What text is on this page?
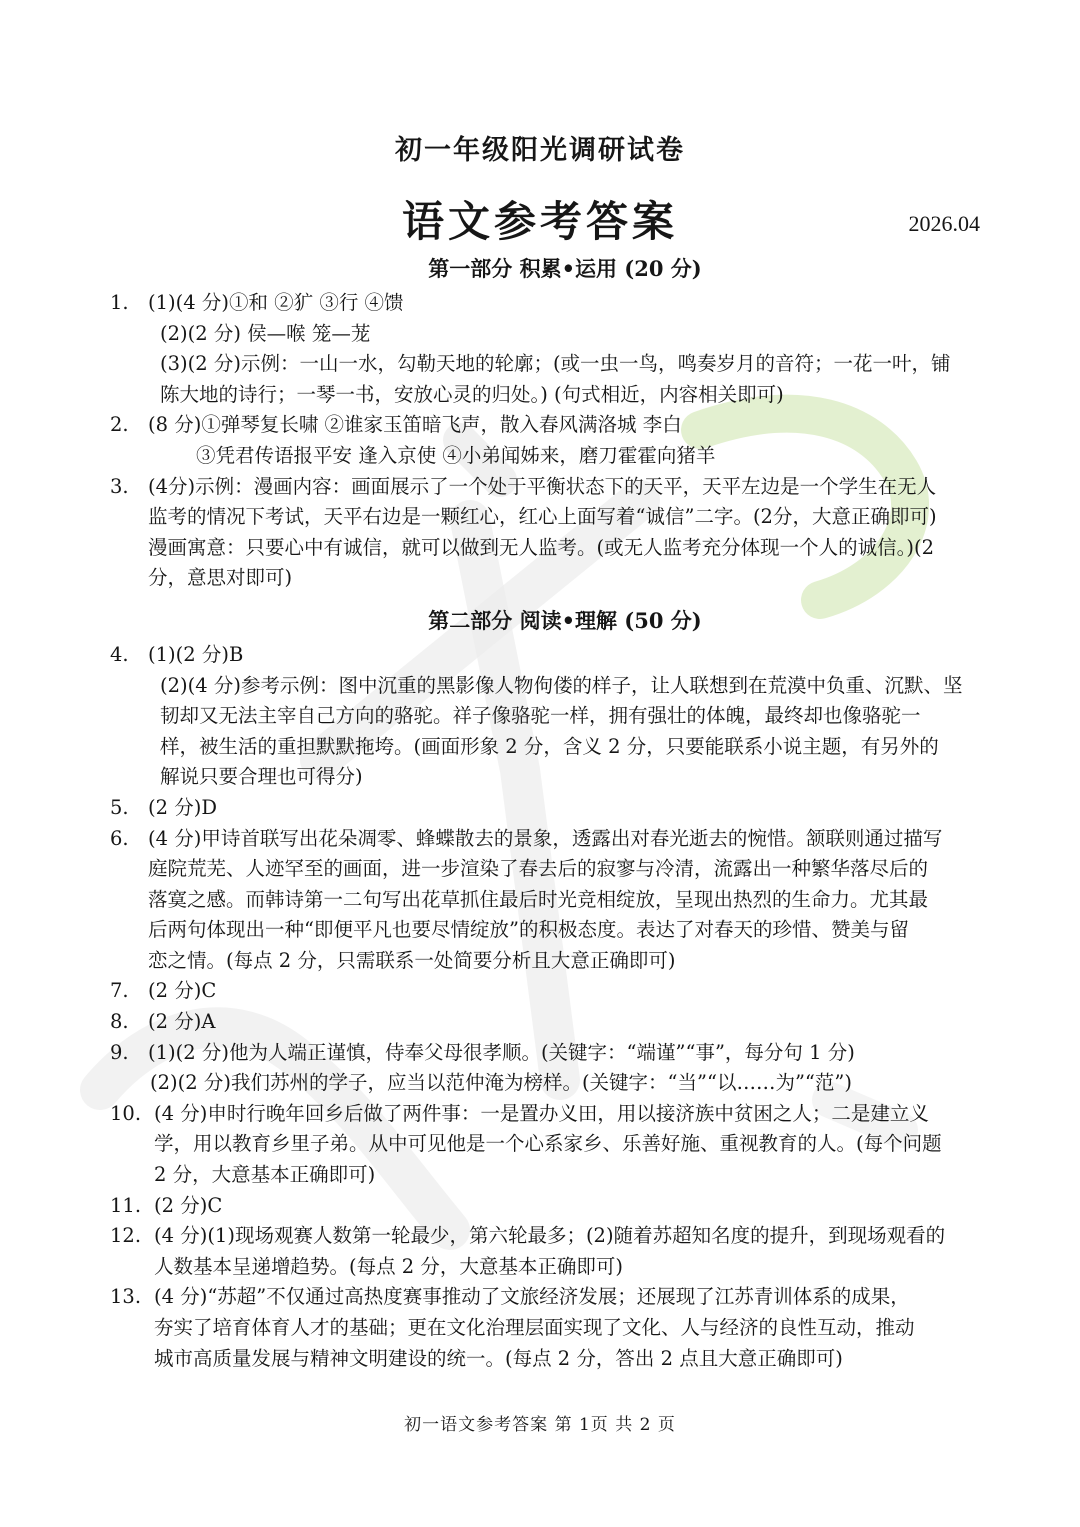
初一年级阳光调研试卷
语文参考答案	2026.04
第一部分 积累•运用 (20 分)
1. (1)(4 分)①和 ②犷 ③行 ④馈
(2)(2 分) 侯—喉 笼—茏
(3)(2 分)示例：一山一水，勾勒天地的轮廓；(或一虫一鸟，鸣奏岁月的音符；一花一叶，铺
陈大地的诗行；一琴一书，安放心灵的归处。) (句式相近，内容相关即可)
2. (8 分)①弹琴复长啸 ②谁家玉笛暗飞声，散入春风满洛城 李白
③凭君传语报平安 逢入京使 ④小弟闻姊来，磨刀霍霍向猪羊
3. (4分)示例：漫画内容：画面展示了一个处于平衡状态下的天平，天平左边是一个学生在无人
监考的情况下考试，天平右边是一颗红心，红心上面写着“诚信”二字。(2分，大意正确即可)
漫画寓意：只要心中有诚信，就可以做到无人监考。(或无人监考充分体现一个人的诚信。)(2
分，意思对即可)
第二部分 阅读•理解 (50 分)
4. (1)(2 分)B
(2)(4 分)参考示例：图中沉重的黑影像人物佝偻的样子，让人联想到在荒漠中负重、沉默、坚
韧却又无法主宰自己方向的骆驼。祥子像骆驼一样，拥有强壮的体魄，最终却也像骆驼一
样，被生活的重担默默拖垮。(画面形象 2 分，含义 2 分，只要能联系小说主题，有另外的
解说只要合理也可得分)
5. (2 分)D
6. (4 分)甲诗首联写出花朵凋零、蜂蝶散去的景象，透露出对春光逝去的惋惜。颔联则通过描写
庭院荒芜、人迹罕至的画面，进一步渲染了春去后的寂寥与冷清，流露出一种繁华落尽后的
落寞之感。而韩诗第一二句写出花草抓住最后时光竞相绽放，呈现出热烈的生命力。尤其最
后两句体现出一种“即便平凡也要尽情绽放”的积极态度。表达了对春天的珍惜、赞美与留
恋之情。(每点 2 分，只需联系一处简要分析且大意正确即可)
7. (2 分)C
8. (2 分)A
9. (1)(2 分)他为人端正谨慎，侍奉父母很孝顺。(关键字：“端谨”“事”，每分句 1 分)
(2)(2 分)我们苏州的学子，应当以范仲淹为榜样。(关键字：“当”“以……为”“范”)
10. (4 分)申时行晚年回乡后做了两件事：一是置办义田，用以接济族中贫困之人；二是建立义
学，用以教育乡里子弟。从中可见他是一个心系家乡、乐善好施、重视教育的人。(每个问题
2 分，大意基本正确即可)
11. (2 分)C
12. (4 分)(1)现场观赛人数第一轮最少，第六轮最多；(2)随着苏超知名度的提升，到现场观看的
人数基本呈递增趋势。(每点 2 分，大意基本正确即可)
13. (4 分)“苏超”不仅通过高热度赛事推动了文旅经济发展；还展现了江苏青训体系的成果，
夯实了培育体育人才的基础；更在文化治理层面实现了文化、人与经济的良性互动，推动
城市高质量发展与精神文明建设的统一。(每点 2 分，答出 2 点且大意正确即可)
初一语文参考答案 第 1页 共 2 页
